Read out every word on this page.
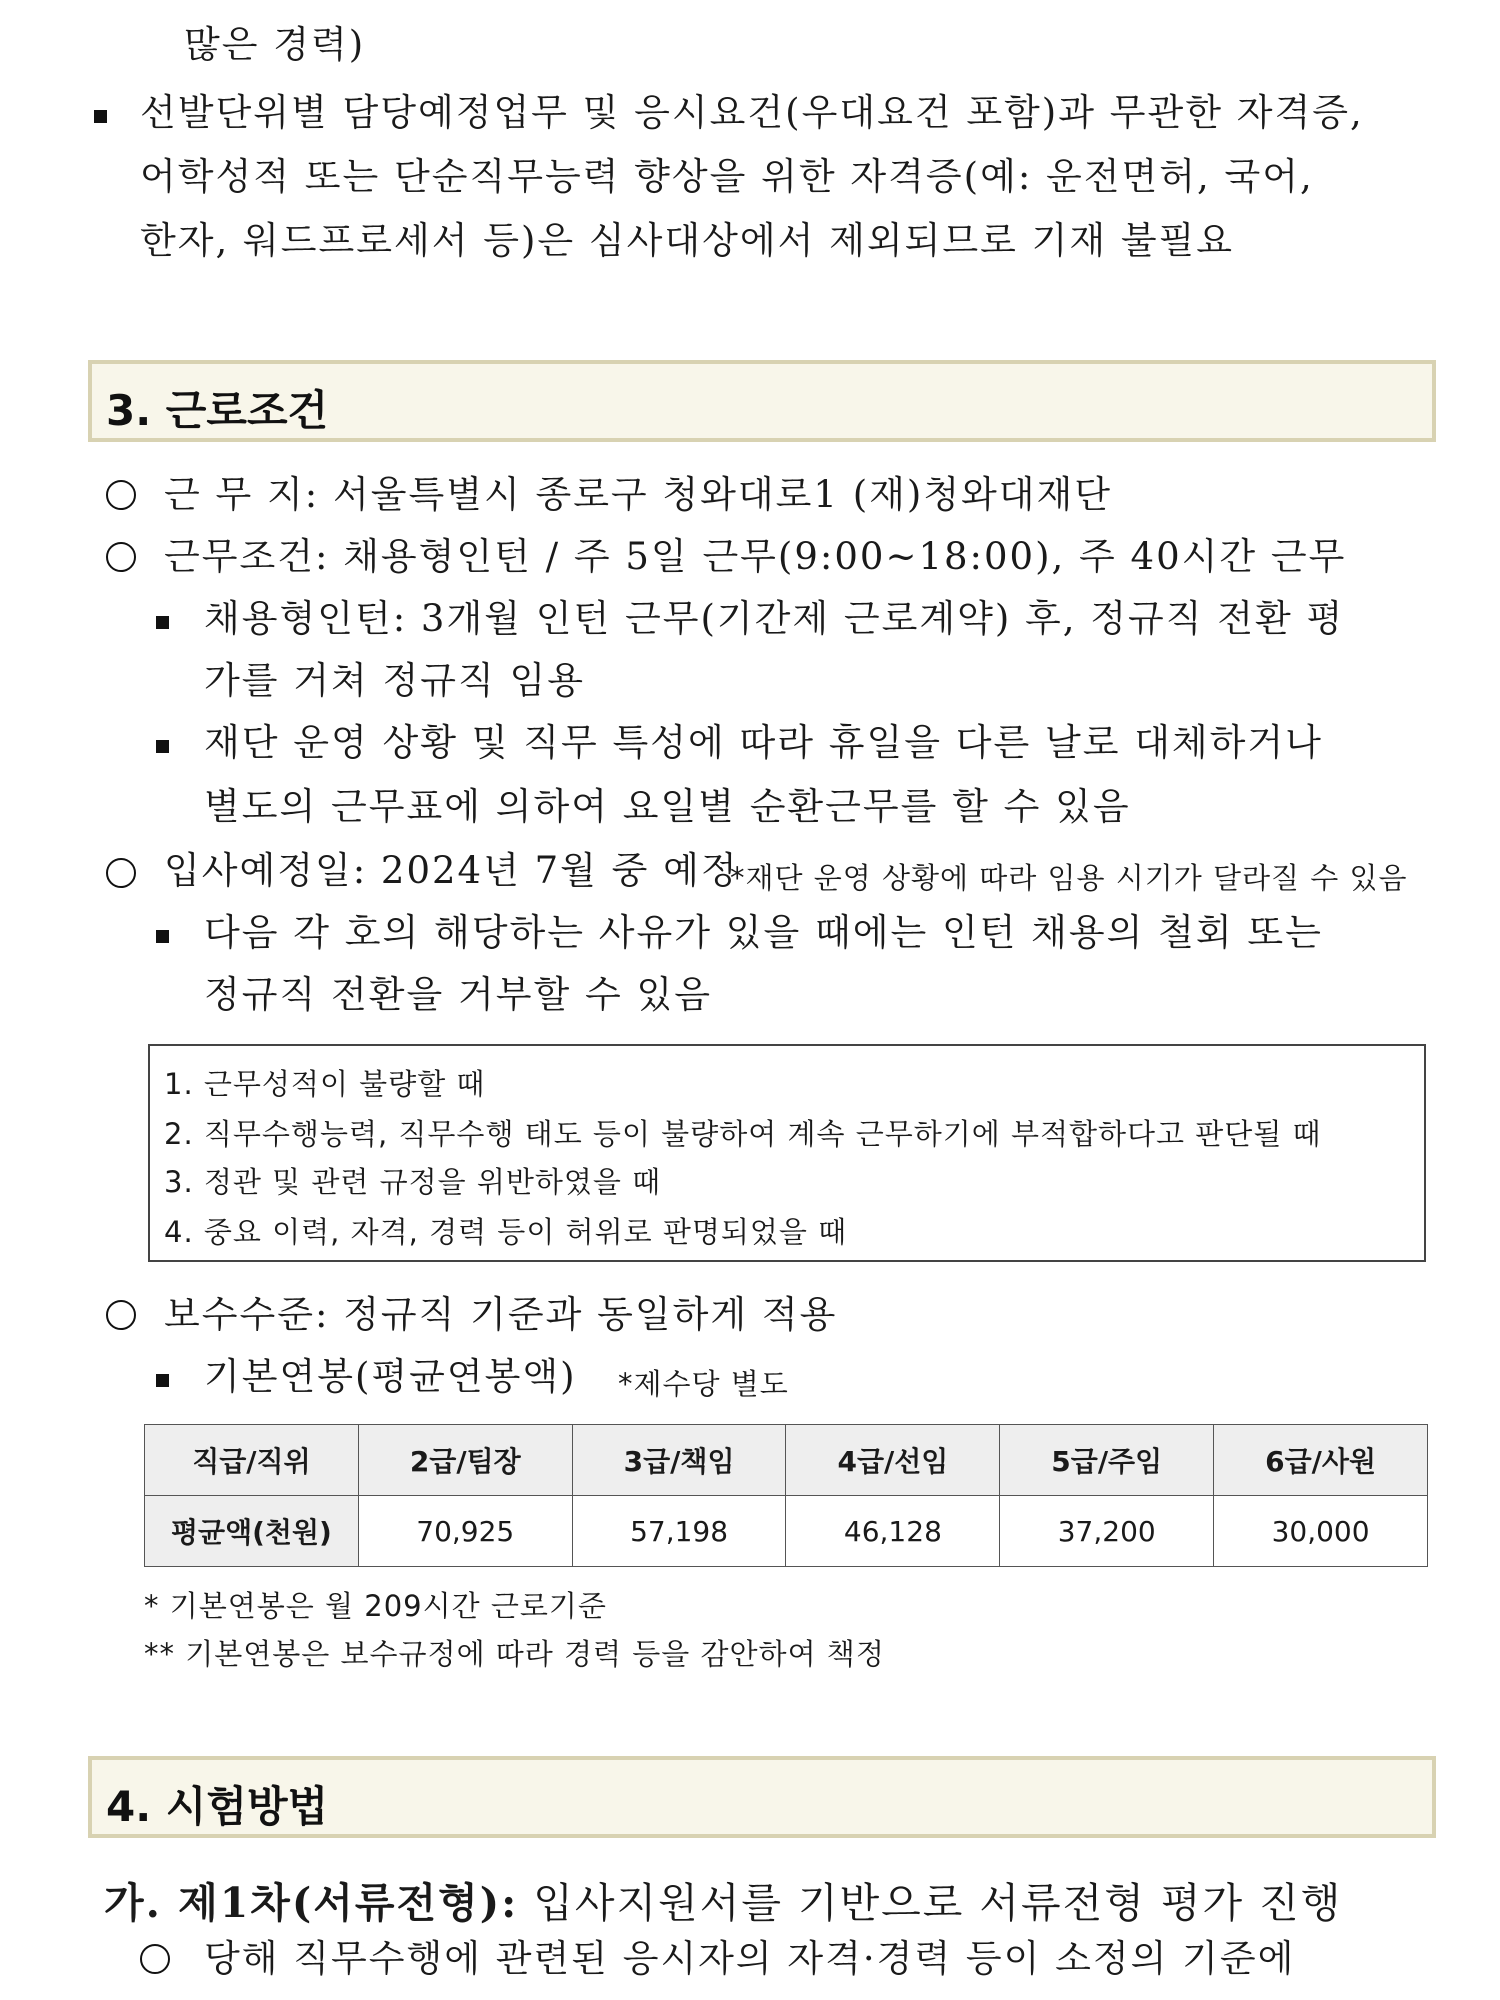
많은 경력)
선발단위별 담당예정업무 및 응시요건(우대요건 포함)과 무관한 자격증,
어학성적 또는 단순직무능력 향상을 위한 자격증(예: 운전면허, 국어,
한자, 워드프로세서 등)은 심사대상에서 제외되므로 기재 불필요
3. 근로조건
근 무 지: 서울특별시 종로구 청와대로1 (재)청와대재단
근무조건: 채용형인턴 / 주 5일 근무(9:00~18:00), 주 40시간 근무
채용형인턴: 3개월 인턴 근무(기간제 근로계약) 후, 정규직 전환 평
가를 거쳐 정규직 임용
재단 운영 상황 및 직무 특성에 따라 휴일을 다른 날로 대체하거나
별도의 근무표에 의하여 요일별 순환근무를 할 수 있음
입사예정일: 2024년 7월 중 예정
*재단 운영 상황에 따라 임용 시기가 달라질 수 있음
다음 각 호의 해당하는 사유가 있을 때에는 인턴 채용의 철회 또는
정규직 전환을 거부할 수 있음
1. 근무성적이 불량할 때
2. 직무수행능력, 직무수행 태도 등이 불량하여 계속 근무하기에 부적합하다고 판단될 때
3. 정관 및 관련 규정을 위반하였을 때
4. 중요 이력, 자격, 경력 등이 허위로 판명되었을 때
보수수준: 정규직 기준과 동일하게 적용
기본연봉(평균연봉액) *제수당 별도
직급/직위	2급/팀장	3급/책임	4급/선임	5급/주임	6급/사원
평균액(천원)	70,925	57,198	46,128	37,200	30,000
* 기본연봉은 월 209시간 근로기준
** 기본연봉은 보수규정에 따라 경력 등을 감안하여 책정
4. 시험방법
가. 제1차(서류전형): 입사지원서를 기반으로 서류전형 평가 진행
당해 직무수행에 관련된 응시자의 자격·경력 등이 소정의 기준에
